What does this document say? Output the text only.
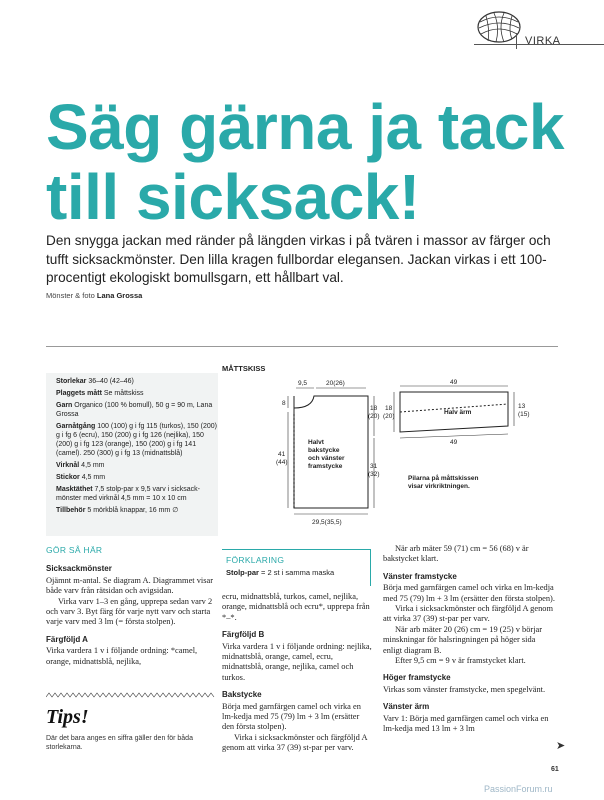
VIRKA
Säg gärna ja tack
till sicksack!
Den snygga jackan med ränder på längden virkas i på tvären i massor av färger och tufft sicksackmönster. Den lilla kragen fullbordar elegansen. Jackan virkas i ett 100-procentigt ekologiskt bomullsgarn, ett hållbart val.
Mönster & foto Lana Grossa
Storlekar 36–40 (42–46)
Plaggets mått Se måttskiss
Garn Organico (100 % bomull), 50 g = 90 m, Lana Grossa
Garnåtgång 100 (100) g i fg 115 (turkos), 150 (200) g i fg 6 (ecru), 150 (200) g i fg 126 (nejlika), 150 (200) g i fg 123 (orange), 150 (200) g i fg 141 (camel). 250 (300) g i fg 13 (midnattsblå)
Virknål 4,5 mm
Stickor 4,5 mm
Masktäthet 7,5 stolp-par x 9,5 varv i sicksack-mönster med virknål 4,5 mm = 10 x 10 cm
Tillbehör 5 mörkblå knappar, 16 mm ∅
MÅTTSKISS
9,5	20(26)
8
41
(44)
18
(20)
31
(32)
29,5(35,5)
Halvt
bakstycke
och vänster
framstycke
49
49
18
(20)
13
(15)
Halv ärm
Pilarna på måttskissen
visar virkriktningen.
GÖR SÅ HÄR
Sicksackmönster

Ojämnt m-antal. Se diagram A. Diagrammet visar både varv från rätsidan och avigsidan.

Virka varv 1–3 en gång, upprepa sedan varv 2 och varv 3. Byt färg för varje nytt varv och starta varje varv med 3 lm (= första stolpen).

Färgföljd A

Virka vardera 1 v i följande ordning: *camel, orange, midnattsblå, nejlika,

Tips!
Där det bara anges en siffra gäller den för båda storlekarna.
FÖRKLARING
Stolp-par = 2 st i samma maska

ecru, midnattsblå, turkos, camel, nejlika, orange, midnattsblå och ecru*, upprepa från *–*.

Färgföljd B

Virka vardera 1 v i följande ordning: nejlika, midnattsblå, orange, camel, ecru, midnattsblå, orange, nejlika, camel och turkos.

Bakstycke

Börja med garnfärgen camel och virka en lm-kedja med 75 (79) lm + 3 lm (ersätter den första stolpen).

Virka i sicksackmönster och färgföljd A genom att virka 37 (39) st-par per varv.

När arb mäter 59 (71) cm = 56 (68) v är bakstycket klart.

Vänster framstycke

Börja med garnfärgen camel och virka en lm-kedja med 75 (79) lm + 3 lm (ersätter den första stolpen).

Virka i sicksackmönster och färgföljd A genom att virka 37 (39) st-par per varv.

När arb mäter 20 (26) cm = 19 (25) v börjar minskningar för halsringningen på höger sida enligt diagram B.

Efter 9,5 cm = 9 v är framstycket klart.

Höger framstycke

Virkas som vänster framstycke, men spegelvänt.

Vänster ärm

Varv 1: Börja med garnfärgen camel och virka en lm-kedja med 13 lm + 3 lm

➤
61
PassionForum.ru
